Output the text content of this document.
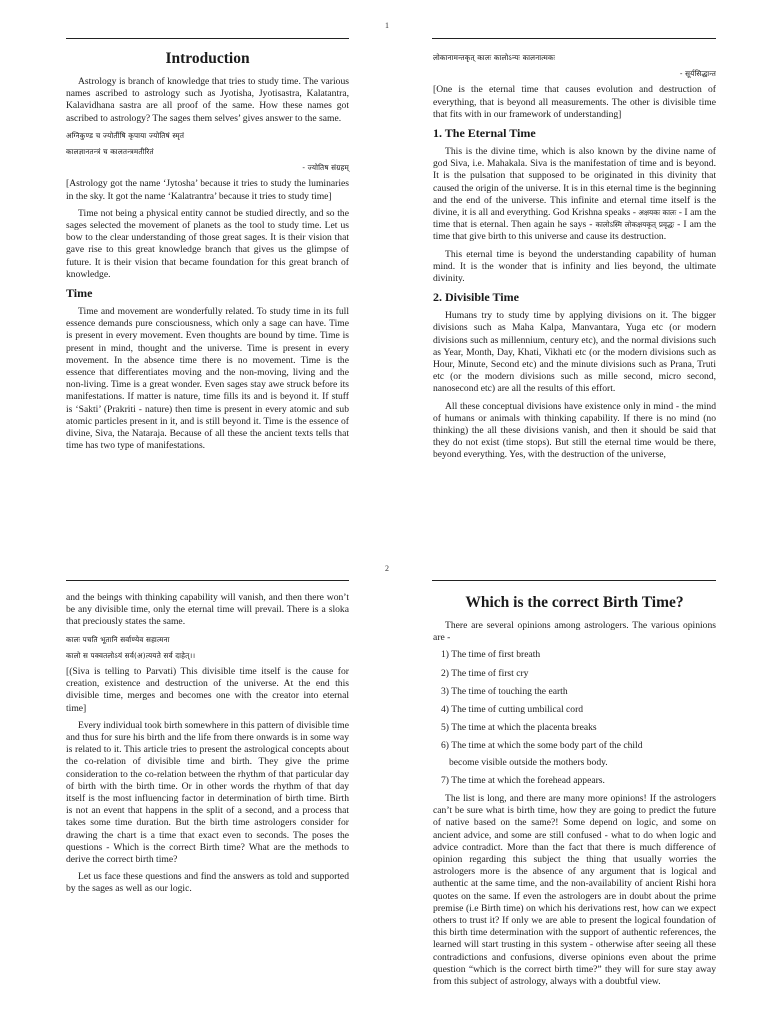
1
Introduction

Astrology is branch of knowledge that tries to study time. The various names ascribed to astrology such as Jyotisha, Jyotisastra, Kalatantra, Kalavidhana sastra are all proof of the same. How these names got ascribed to astrology? The sages them selves’ gives answer to the same.

अग्निकुण्ड च ज्योतींषि कृपाया ज्योतिषं स्मृतं
कालज्ञानतन्त्रं च कालतन्त्रमतीरितं
- ज्योतिष संग्रहम्

[Astrology got the name ‘Jytosha’ because it tries to study the luminaries in the sky. It got the name ‘Kalatrantra’ because it tries to study time]

Time not being a physical entity cannot be studied directly, and so the sages selected the movement of planets as the tool to study time. Let us bow to the clear understanding of those great sages. It is their vision that gave rise to this great knowledge branch that gives us the glimpse of future. It is their vision that became foundation for this great branch of knowledge.

Time

Time and movement are wonderfully related. To study time in its full essence demands pure consciousness, which only a sage can have. Time is present in every movement. Even thoughts are bound by time. Time is present in mind, thought and the universe. Time is present in every movement. In the absence time there is no movement. Time is the essence that differentiates moving and the non-moving, living and the non-living. Time is a great wonder. Even sages stay awe struck before its manifestations. If matter is nature, time fills its and is beyond it. If stuff is ‘Sakti’ (Prakriti - nature) then time is present in every atomic and sub atomic particles present in it, and is still beyond it. Time is the essence of divine, Siva, the Nataraja. Because of all these the ancient texts tells that time has two type of manifestations.

लोकानामन्तकृत् कालः कालोऽन्यः कालनात्मकः
- सूर्यसिद्धान्त

[One is the eternal time that causes evolution and destruction of everything, that is beyond all measurements. The other is divisible time that fits with in our framework of understanding]

1. The Eternal Time

This is the divine time, which is also known by the divine name of god Siva, i.e. Mahakala. Siva is the manifestation of time and is beyond. It is the pulsation that supposed to be originated in this divinity that caused the origin of the universe. It is in this eternal time is the beginning and the end of the universe. This infinite and eternal time itself is the divine, it is all and everything. God Krishna speaks - अक्षयकः कालः - I am the time that is eternal. Then again he says - कालोऽस्मि लोकक्षयकृत् प्रवृद्धः - I am the time that give birth to this universe and cause its destruction.

This eternal time is beyond the understanding capability of human mind. It is the wonder that is infinity and lies beyond, the ultimate divinity.

2. Divisible Time

Humans try to study time by applying divisions on it. The bigger divisions such as Maha Kalpa, Manvantara, Yuga etc (or modern divisions such as millennium, century etc), and the normal divisions such as Year, Month, Day, Khati, Vikhati etc (or the modern divisions such as Hour, Minute, Second etc) and the minute divisions such as Prana, Truti etc (or the modern divisions such as mille second, micro second, nanosecond etc) are all the results of this effort.

All these conceptual divisions have existence only in mind - the mind of humans or animals with thinking capability. If there is no mind (no thinking) the all these divisions vanish, and then it should be said that they do not exist (time stops). But still the eternal time would be there, beyond everything. Yes, with the destruction of the universe,

2

and the beings with thinking capability will vanish, and then there won’t be any divisible time, only the eternal time will prevail. There is a sloka that preciously states the same.

कालः पचति भूतानि सर्वाण्येव सहात्मना
कालो स पक्वतलोऽयं सर्व(अ)त्ययते सर्व दाहेत्।।

[(Siva is telling to Parvati) This divisible time itself is the cause for creation, existence and destruction of the universe. At the end this divisible time, merges and becomes one with the creator into eternal time]

Every individual took birth somewhere in this pattern of divisible time and thus for sure his birth and the life from there onwards is in some way is related to it. This article tries to present the astrological concepts about the co-relation of divisible time and birth. They give the prime consideration to the co-relation between the rhythm of that particular day of birth with the birth time. Or in other words the rhythm of that day itself is the most influencing factor in determination of birth time. Birth is not an event that happens in the split of a second, and a process that takes some time duration. But the birth time astrologers consider for drawing the chart is a time that exact even to seconds. The poses the questions - Which is the correct Birth time? What are the methods to derive the correct birth time?

Let us face these questions and find the answers as told and supported by the sages as well as our logic.

Which is the correct Birth Time?

There are several opinions among astrologers. The various opinions are -

1) The time of first breath
2) The time of first cry
3) The time of touching the earth
4) The time of cutting umbilical cord
5) The time at which the placenta breaks
6) The time at which the some body part of the child
become visible outside the mothers body.
7) The time at which the forehead appears.

The list is long, and there are many more opinions! If the astrologers can’t be sure what is birth time, how they are going to predict the future of native based on the same?! Some depend on logic, and some on ancient advice, and some are still confused - what to do when logic and advice contradict. More than the fact that there is much difference of opinion regarding this subject the thing that usually worries the astrologers more is the absence of any argument that is logical and authentic at the same time, and the non-availability of ancient Rishi hora quotes on the same. If even the astrologers are in doubt about the prime premise (i.e Birth time) on which his derivations rest, how can we expect others to trust it? If only we are able to present the logical foundation of this birth time determination with the support of authentic references, the learned will start trusting in this system - otherwise after seeing all these contradictions and confusions, diverse opinions even about the prime question “which is the correct birth time?” they will for sure stay away from this subject of astrology, always with a doubtful view.
